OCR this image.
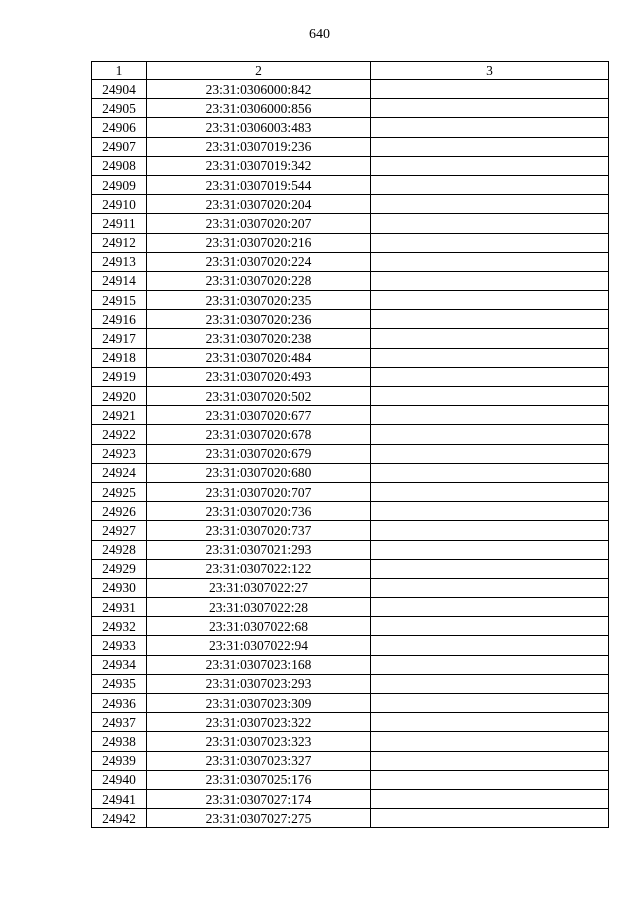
640
1	2	3
24904	23:31:0306000:842	
24905	23:31:0306000:856	
24906	23:31:0306003:483	
24907	23:31:0307019:236	
24908	23:31:0307019:342	
24909	23:31:0307019:544	
24910	23:31:0307020:204	
24911	23:31:0307020:207	
24912	23:31:0307020:216	
24913	23:31:0307020:224	
24914	23:31:0307020:228	
24915	23:31:0307020:235	
24916	23:31:0307020:236	
24917	23:31:0307020:238	
24918	23:31:0307020:484	
24919	23:31:0307020:493	
24920	23:31:0307020:502	
24921	23:31:0307020:677	
24922	23:31:0307020:678	
24923	23:31:0307020:679	
24924	23:31:0307020:680	
24925	23:31:0307020:707	
24926	23:31:0307020:736	
24927	23:31:0307020:737	
24928	23:31:0307021:293	
24929	23:31:0307022:122	
24930	23:31:0307022:27	
24931	23:31:0307022:28	
24932	23:31:0307022:68	
24933	23:31:0307022:94	
24934	23:31:0307023:168	
24935	23:31:0307023:293	
24936	23:31:0307023:309	
24937	23:31:0307023:322	
24938	23:31:0307023:323	
24939	23:31:0307023:327	
24940	23:31:0307025:176	
24941	23:31:0307027:174	
24942	23:31:0307027:275	
